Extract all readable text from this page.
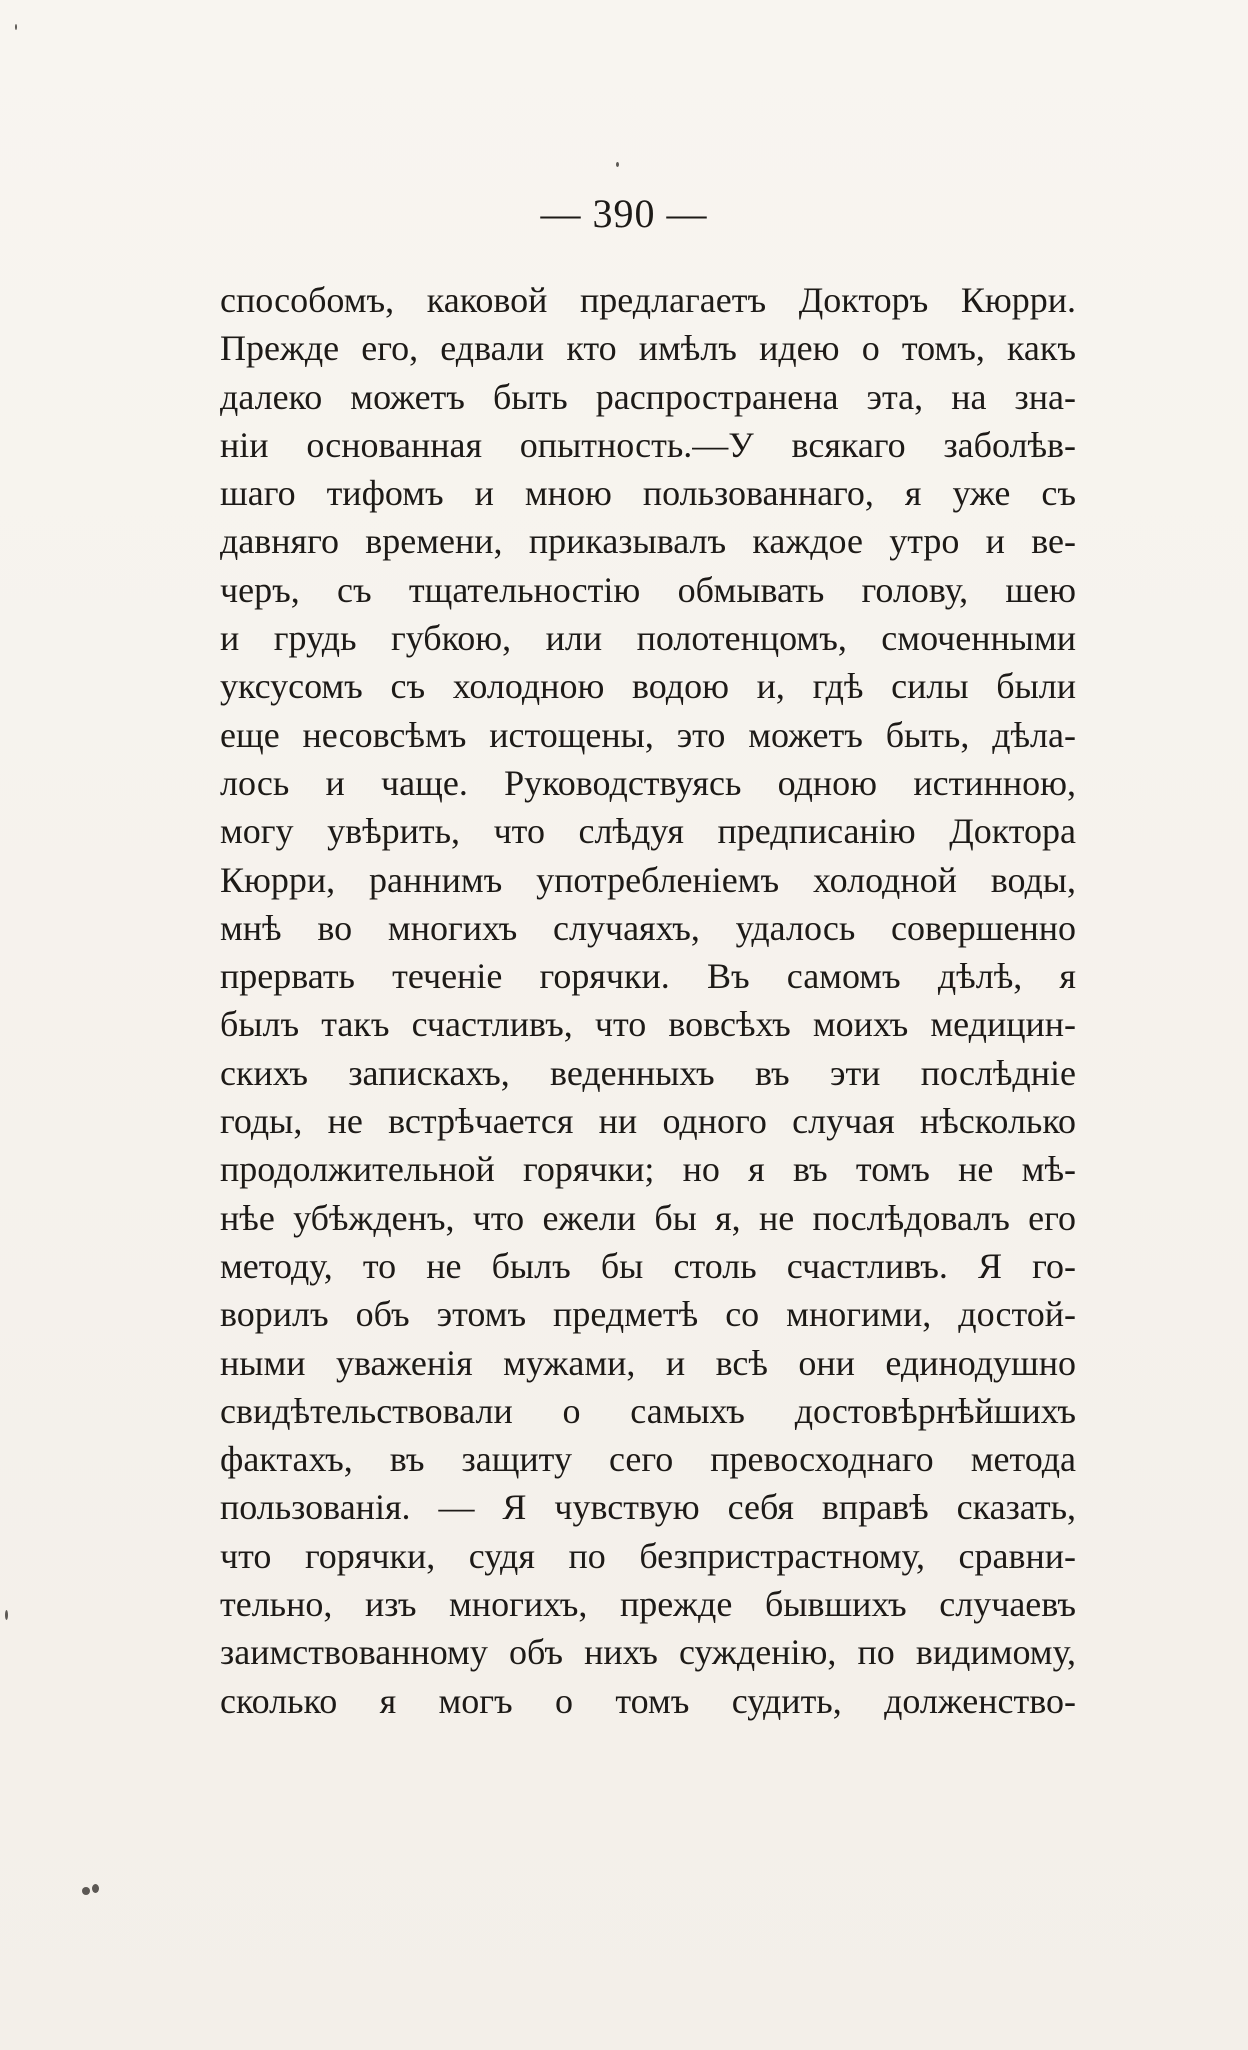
— 390 —
способомъ, каковой предлагаетъ Докторъ Кюрри.
Прежде его, едвали кто имѣлъ идею о томъ, какъ
далеко можетъ быть распространена эта, на зна-
ніи основанная опытность.—У всякаго заболѣв-
шаго тифомъ и мною пользованнаго, я уже съ
давняго времени, приказывалъ каждое утро и ве-
черъ, съ тщательностію обмывать голову, шею
и грудь губкою, или полотенцомъ, смоченными
уксусомъ съ холодною водою и, гдѣ силы были
еще несовсѣмъ истощены, это можетъ быть, дѣла-
лось и чаще. Руководствуясь одною истинною,
могу увѣрить, что слѣдуя предписанію Доктора
Кюрри, раннимъ употребленіемъ холодной воды,
мнѣ во многихъ случаяхъ, удалось совершенно
прервать теченіе горячки. Въ самомъ дѣлѣ, я
былъ такъ счастливъ, что вовсѣхъ моихъ медицин-
скихъ запискахъ, веденныхъ въ эти послѣдніе
годы, не встрѣчается ни одного случая нѣсколько
продолжительной горячки; но я въ томъ не мѣ-
нѣе убѣжденъ, что ежели бы я, не послѣдовалъ его
методу, то не былъ бы столь счастливъ. Я го-
ворилъ объ этомъ предметѣ со многими, достой-
ными уваженія мужами, и всѣ они единодушно
свидѣтельствовали о самыхъ достовѣрнѣйшихъ
фактахъ, въ защиту сего превосходнаго метода
пользованія. — Я чувствую себя вправѣ сказать,
что горячки, судя по безпристрастному, сравни-
тельно, изъ многихъ, прежде бывшихъ случаевъ
заимствованному объ нихъ сужденію, по видимому,
сколько я могъ о томъ судить, долженство-
